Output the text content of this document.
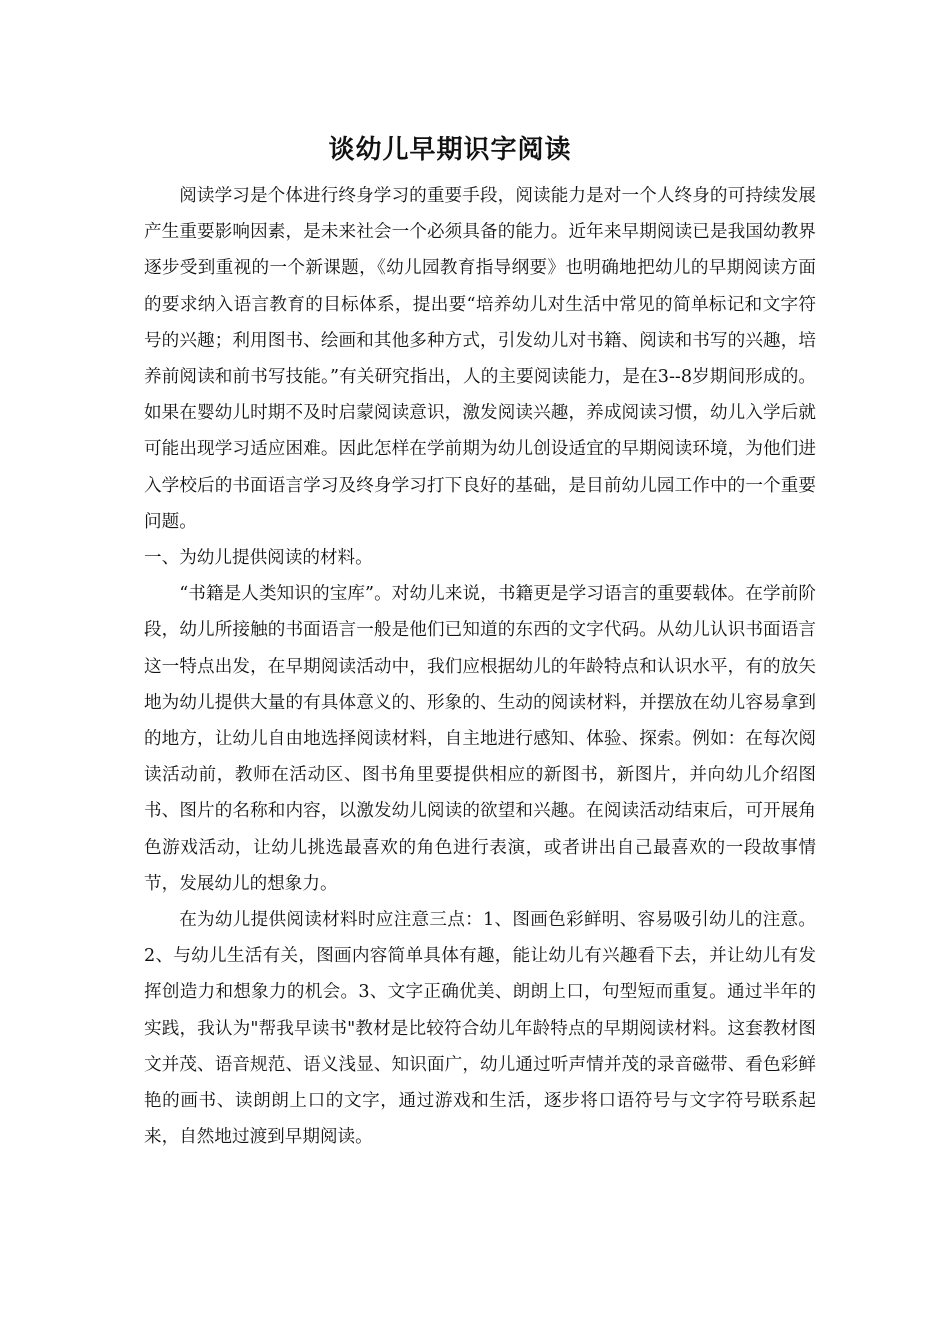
谈幼儿早期识字阅读

阅读学习是个体进行终身学习的重要手段，阅读能力是对一个人终身的可持续发展产生重要影响因素，是未来社会一个必须具备的能力。近年来早期阅读已是我国幼教界逐步受到重视的一个新课题，《幼儿园教育指导纲要》也明确地把幼儿的早期阅读方面的要求纳入语言教育的目标体系，提出要“培养幼儿对生活中常见的简单标记和文字符号的兴趣；利用图书、绘画和其他多种方式，引发幼儿对书籍、阅读和书写的兴趣，培养前阅读和前书写技能。”有关研究指出，人的主要阅读能力，是在3--8岁期间形成的。如果在婴幼儿时期不及时启蒙阅读意识，激发阅读兴趣，养成阅读习惯，幼儿入学后就可能出现学习适应困难。因此怎样在学前期为幼儿创设适宜的早期阅读环境，为他们进入学校后的书面语言学习及终身学习打下良好的基础，是目前幼儿园工作中的一个重要问题。

一、为幼儿提供阅读的材料。

“书籍是人类知识的宝库”。对幼儿来说，书籍更是学习语言的重要载体。在学前阶段，幼儿所接触的书面语言一般是他们已知道的东西的文字代码。从幼儿认识书面语言这一特点出发，在早期阅读活动中，我们应根据幼儿的年龄特点和认识水平，有的放矢地为幼儿提供大量的有具体意义的、形象的、生动的阅读材料，并摆放在幼儿容易拿到的地方，让幼儿自由地选择阅读材料，自主地进行感知、体验、探索。例如：在每次阅读活动前，教师在活动区、图书角里要提供相应的新图书，新图片，并向幼儿介绍图书、图片的名称和内容，以激发幼儿阅读的欲望和兴趣。在阅读活动结束后，可开展角色游戏活动，让幼儿挑选最喜欢的角色进行表演，或者讲出自己最喜欢的一段故事情节，发展幼儿的想象力。

在为幼儿提供阅读材料时应注意三点：1、图画色彩鲜明、容易吸引幼儿的注意。2、与幼儿生活有关，图画内容简单具体有趣，能让幼儿有兴趣看下去，并让幼儿有发挥创造力和想象力的机会。3、文字正确优美、朗朗上口，句型短而重复。通过半年的实践，我认为"帮我早读书"教材是比较符合幼儿年龄特点的早期阅读材料。这套教材图文并茂、语音规范、语义浅显、知识面广，幼儿通过听声情并茂的录音磁带、看色彩鲜艳的画书、读朗朗上口的文字，通过游戏和生活，逐步将口语符号与文字符号联系起来，自然地过渡到早期阅读。
